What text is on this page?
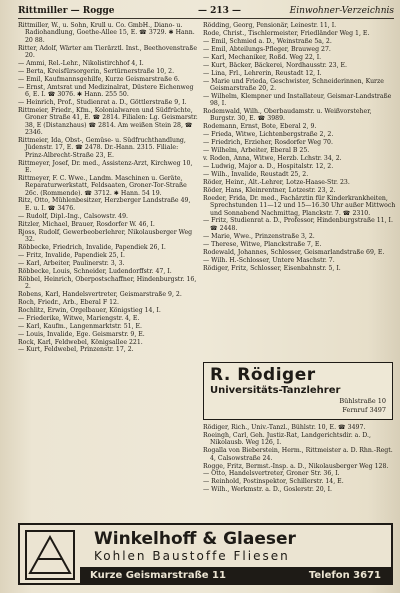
Rittmiller — Rogge	— 213 —	Einwohner-Verzeichnis
Rittmiller, W., u. Sohn, Krull u. Co. GmbH., Diano- u. Radiohandlung, Goethe-Allee 15, E. ☎ 3729. ✱ Hann. 20 88.
Ritter, Adolf, Wärter am Tierärztl. Inst., Beethovenstraße 20.
— Ammi, Rel.-Lehr., Nikolistirchhof 4, I.
— Berta, Kreisfürsorgerin, Sertürnerstraße 10, 2.
— Emil, Kaufmannsgehilfe, Kurze Geismarstraße 6.
— Ernst, Amtsrat und Medizinalrat, Düstere Eichenweg 6, E. I. ☎ 3076. ✱ Hann. 255 50.
— Heinrich, Prof., Studienrat a. D., Göttlerstraße 9, I.
Rittmeier, Friedr., Kfm., Kolonialwaren und Südfrüchte, Groner Straße 41, E. ☎ 2814. Filialen: Lg. Geismarstr. 38, E (Distanzhaus) ☎ 2814. Am weißen Stein 28, ☎ 2346.
Rittmeier, Ida, Obst-, Gemüse- u. Südfruchthandlung, Jüdenstr. 17, E. ☎ 2478. Dr.-Hann. 2315. Filiale: Prinz-Albrecht-Straße 23, E.
Rittmeyer, Josef, Dr. med., Assistenz-Arzt, Kirchweg 10, E.
Rittmeyer, F. C. Wwe., Landm. Maschinen u. Geräte, Reparaturwerkstatt, Feldsaaten, Groner-Tor-Straße 26c. (Rommende). ☎ 3712. ✱ Hann. 54 19.
Ritz, Otto, Mühlenbesitzer, Herzberger Landstraße 49, E. u. I. ☎ 3476.
— Rudolf, Dipl.-Ing., Calsowstr. 49.
Ritzler, Michael, Brauer, Rosdorfer W. 46, I.
Rjoss, Rudolf, Gewerbeoberlehrer, Nikolausberger Weg 32.
Röbbecke, Friedrich, Invalide, Papendiek 26, I.
— Fritz, Invalide, Papendiek 25, I.
— Karl, Arbeiter, Paulinerstr. 3, 3.
Röbbecke, Louis, Schneider, Ludendorffstr. 47, I.
Röbbel, Heinrich, Oberpostschaffner, Hindenburgstr. 16, 2.
Robens, Karl, Handelsvertreter, Geismarstraße 9, 2.
Roch, Friedr., Arb., Eberal F 12.
Rochlitz, Erwin, Orgelbauer, Königstieg 14, I.
— Friederike, Witwe, Mariengstr. 4, E.
— Karl, Kaufm., Langenmarktstr. 51, E.
— Louis, Invalide, Ege. Geismarstr. 9, E.
Rock, Karl, Feldwebel, Königsallee 221.
— Kurt, Feldwebel, Prinzenstr. 17, 2.
Rödding, Georg, Pensionär, Leinestr. 11, I.
Rode, Christ., Tischlermeister, Friedländer Weg 1, E.
— Emil, Schmied a. D., Weinstraße 5a, 2.
— Emil, Abteilungs-Pfleger, Brauweg 27.
— Karl, Mechaniker, Roßd. Weg 22, I.
— Kurt, Bäcker, Bäckerei, Nordhausstr. 23, E.
— Lina, Frl., Lehrerin, Reustadt 12, I.
— Marie und Frieda, Geschwister, Schneiderinnen, Kurze Geismarstraße 20, 2.
— Wilhelm, Klempner und Installateur, Geismar-Landstraße 98, I.
Rodemwald, Wilh., Oberbaudamstr. u. Weißvorsteher, Burgstr. 30, E. ☎ 3989.
Rodemann, Ernst, Bote, Eberal 2, 9.
— Frieda, Witwe, Lichtenbergstraße 2, 2.
— Friedrich, Erzieher, Rosdorfer Weg 70.
— Wilhelm, Arbeiter, Eberal B 25.
v. Roden, Anna, Witwe, Herzb. Lchstr. 34, 2.
— Ludwig, Major a. D., Hospitalstr. 12, 2.
— Wilh., Invalide, Reustadt 25, 2.
Röder, Heinr., Alt.-Lehrer, Lotze-Haase-Str. 23.
Röder, Hans, Kleinrentner, Lotzestr. 23, 2.
Roeder, Frida, Dr. med., Fachärztin für Kinderkrankheiten, Sprechstunden 11—12 und 15—16.30 Uhr außer Mittwoch und Sonnabend Nachmittag, Planckstr. 7. ☎ 2310.
— Fritz, Studienrat a. D., Professor, Hindenburgstraße 11, I. ☎ 2448.
— Marie, Wwe., Prinzenstraße 3, 2.
— Therese, Witwe, Planckstraße 7, E.
Rodewald, Johannes, Schlosser, Geismarlandstraße 69, E.
— Wilh. H.-Schlosser, Untere Maschstr. 7.
Rödiger, Fritz, Schlosser, Eisenbahnstr. 5, I.
R. Rödiger
Universitäts-Tanzlehrer
Bühlstraße 10
Fernruf 3497
Rödiger, Rich., Univ.-Tanzl., Bühlstr. 10, E. ☎ 3497.
Roeingh, Carl, Geh. Justiz-Rat, Landgerichtsdir. a. D., Nikolausb. Weg 126, I.
Rogalla von Bieberstein, Herm., Rittmeister a. D. Rhn.-Regt. 4, Calsowstraße 24.
Rogge, Fritz, Bermst.-Insp. a. D., Nikolausberger Weg 128.
— Otto, Handelsvertreter, Groner Str. 36, I.
— Reinhold, Postinspektor, Schillerstr. 14, E.
— Wilh., Werkmstr. a. D., Goslerstr. 20, I.
Winkelhoff & Glaeser
Kohlen Baustoffe Fliesen
Kurze Geismarstraße 11	Telefon 3671
